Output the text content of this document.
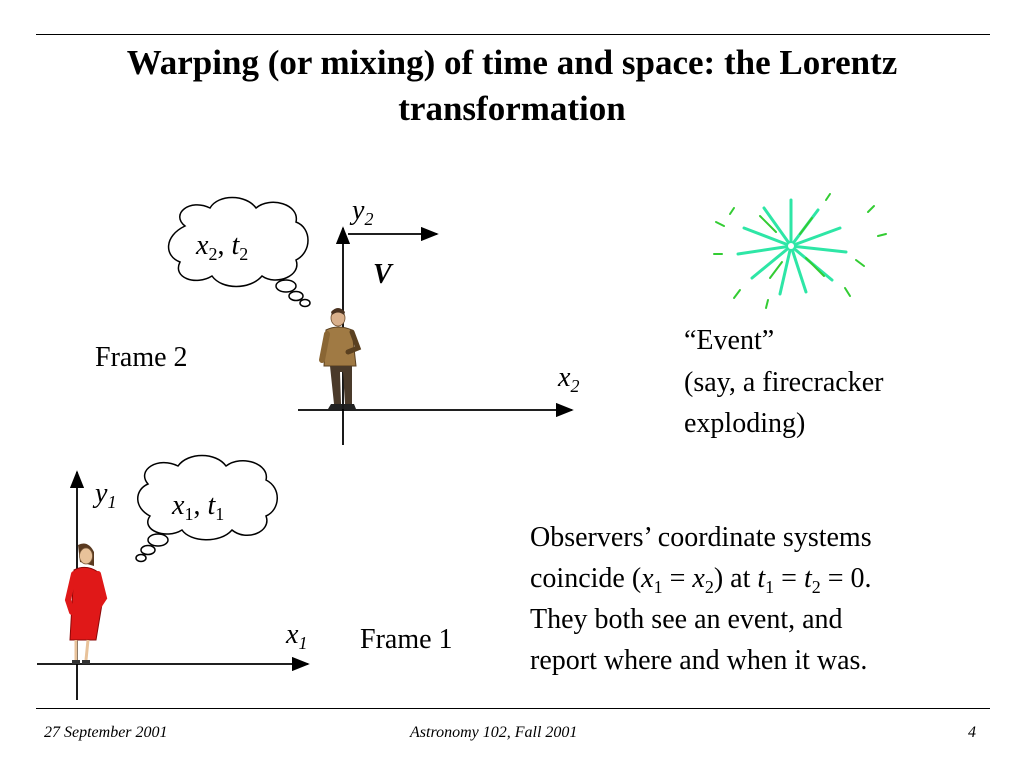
Warping (or mixing) of time and space: the Lorentz transformation
Frame 2
$y_2$
$x_2$
V
$x_2$, $t_2$
$y_1$
$x_1$
$x_1$, $t_1$
Frame 1
“Event”
(say, a firecracker
exploding)
Observers’ coordinate systems
coincide $(x_1 = x_2)$ at $t_1 = t_2 = 0$.
They both see an event, and
report where and when it was.
27 September 2001	Astronomy 102, Fall 2001	4
